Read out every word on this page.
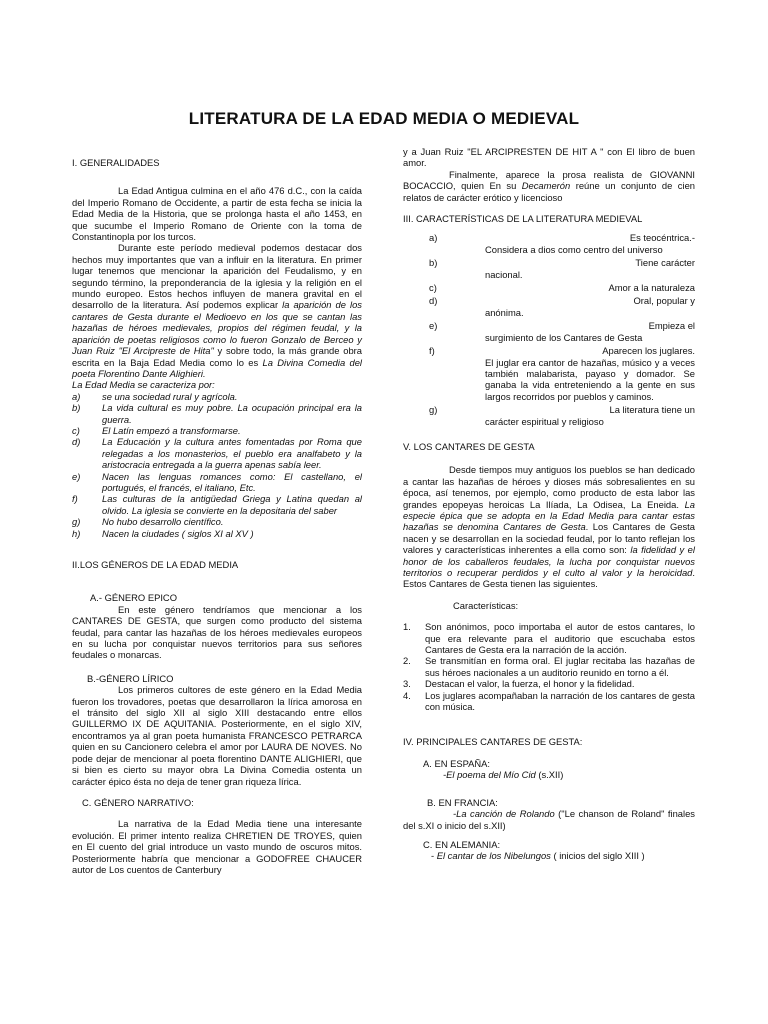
LITERATURA DE LA EDAD MEDIA O MEDIEVAL
I. GENERALIDADES

La Edad Antigua culmina en el año 476 d.C., con la caída del Imperio Romano de Occidente, a partir de esta fecha se inicia la Edad Media de la Historia, que se prolonga hasta el año 1453, en que sucumbe el Imperio Romano de Oriente con la toma de Constantinopla por los turcos.

Durante este período medieval podemos destacar dos hechos muy importantes que van a influir en la literatura. En primer lugar tenemos que mencionar la aparición del Feudalismo, y en segundo término, la preponderancia de la iglesia y la religión en el mundo europeo. Estos hechos influyen de manera gravital en el desarrollo de la literatura. Así podemos explicar la aparición de los cantares de Gesta durante el Medioevo en los que se cantan las hazañas de héroes medievales, propios del régimen feudal, y la aparición de poetas religiosos como lo fueron Gonzalo de Berceo y Juan Ruiz "El Arcipreste de Hita" y sobre todo, la más grande obra escrita en la Baja Edad Media como lo es La Divina Comedia del poeta Florentino Dante Alighieri.

La Edad Media se caracteriza por:

a)	se una sociedad rural y agrícola.
b)	La vida cultural es muy pobre. La ocupación principal era la guerra.
c)	El Latín empezó a transformarse.
d)	La Educación y la cultura antes fomentadas por Roma que relegadas a los monasterios, el pueblo era analfabeto y la aristocracia entregada a la guerra apenas sabía leer.
e)	Nacen las lenguas romances como: El castellano, el portugués, el francés, el italiano, Etc.
f)	Las culturas de la antigüedad Griega y Latina quedan al olvido. La iglesia se convierte en la depositaria del saber
g)	No hubo desarrollo científico.
h)	Nacen la ciudades ( siglos XI al XV )
II.LOS GÉNEROS DE LA EDAD MEDIA
A.- GÉNERO EPICO

En este género tendríamos que mencionar a los CANTARES DE GESTA, que surgen como producto del sistema feudal, para cantar las hazañas de los héroes medievales europeos en su lucha por conquistar nuevos territorios para sus señores feudales o monarcas.

B.-GÉNERO LÍRICO

Los primeros cultores de este género en la Edad Media fueron los trovadores, poetas que desarrollaron la lírica amorosa en el tránsito del siglo XII al siglo XIII destacando entre ellos GUILLERMO IX DE AQUITANIA. Posteriormente, en el siglo XIV, encontramos ya al gran poeta humanista FRANCESCO PETRARCA quien en su Cancionero celebra el amor por LAURA DE NOVES. No pode dejar de mencionar al poeta florentino DANTE ALIGHIERI, que si bien es cierto su mayor obra La Divina Comedia ostenta un carácter épico ésta no deja de tener gran riqueza lírica.

C. GÉNERO NARRATIVO:

La narrativa de la Edad Media tiene una interesante evolución. El primer intento realiza CHRETIEN DE TROYES, quien en El cuento del grial introduce un vasto mundo de oscuros mitos. Posteriormente habría que mencionar a GODOFREE CHAUCER autor de Los cuentos de Canterbury

y a Juan Ruiz "EL ARCIPRESTEN DE HIT A " con El libro de buen amor.

Finalmente, aparece la prosa realista de GIOVANNI BOCACCIO, quien En su Decamerón reúne un conjunto de cien relatos de carácter erótico y licencioso

III. CARACTERÍSTICAS DE LA LITERATURA MEDIEVAL
a)	Es teocéntrica.-
Considera a dios como centro del universo
b)	Tiene carácter
nacional.
c)	Amor a la naturaleza
d)	Oral, popular y
anónima.
e)	Empieza el
surgimiento de los Cantares de Gesta
f)	Aparecen los juglares.
El juglar era cantor de hazañas, músico y a veces también malabarista, payaso y domador. Se ganaba la vida entreteniendo a la gente en sus largos recorridos por pueblos y caminos.
g)	La literatura tiene un
carácter espiritual y religioso
V. LOS CANTARES DE GESTA

Desde tiempos muy antiguos los pueblos se han dedicado a cantar las hazañas de héroes y dioses más sobresalientes en su época, así tenemos, por ejemplo, como producto de esta labor las grandes epopeyas heroicas La Ilíada, La Odisea, La Eneida. La especie épica que se adopta en la Edad Media para cantar estas hazañas se denomina Cantares de Gesta. Los Cantares de Gesta nacen y se desarrollan en la sociedad feudal, por lo tanto reflejan los valores y características inherentes a ella como son: la fidelidad y el honor de los caballeros feudales, la lucha por conquistar nuevos territorios o recuperar perdidos y el culto al valor y la heroicidad. Estos Cantares de Gesta tienen las siguientes.

Características:
1.	Son anónimos, poco importaba el autor de estos cantares, lo que era relevante para el auditorio que escuchaba estos Cantares de Gesta era la narración de la acción.
2.	Se transmitían en forma oral. El juglar recitaba las hazañas de sus héroes nacionales a un auditorio reunido en torno a él.
3.	Destacan el valor, la fuerza, el honor y la fidelidad.
4.	Los juglares acompañaban la narración de los cantares de gesta con música.
IV. PRINCIPALES CANTARES DE GESTA:
A. EN ESPAÑA:
-El poema del Mío Cid (s.XII)
B. EN FRANCIA:

-La canción de Rolando ("Le chanson de Roland" finales del s.XI o inicio del s.XII)

C. EN ALEMANIA:
- El cantar de los Nibelungos ( inicios del siglo XIII )
